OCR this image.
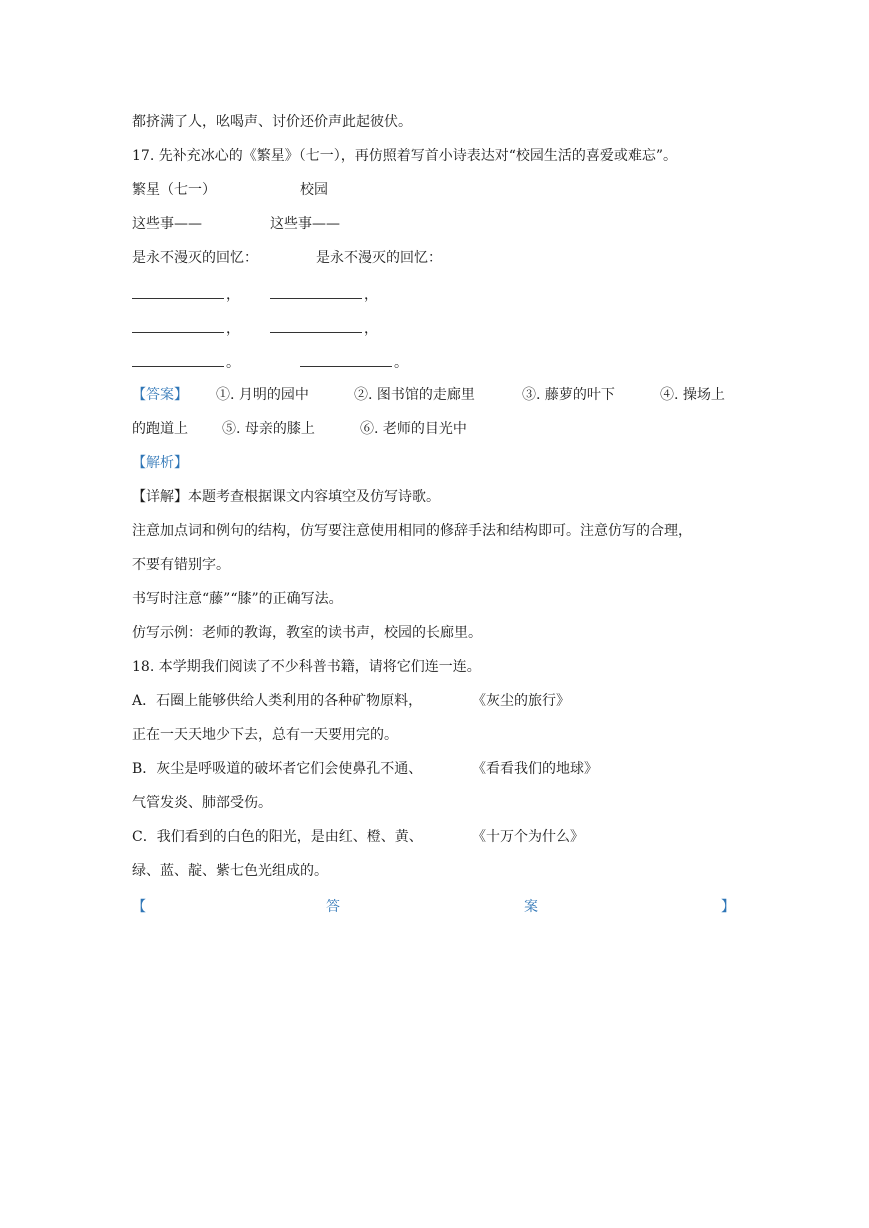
都挤满了人，吆喝声、讨价还价声此起彼伏。
17. 先补充冰心的《繁星》（七一），再仿照着写首小诗表达对“校园生活的喜爱或难忘”。
繁星（七一）	校园
这些事——	这些事——
是永不漫灭的回忆：	是永不漫灭的回忆：
，	，
，	，
。	。
【答案】 ①. 月明的园中	②. 图书馆的走廊里	③. 藤萝的叶下	④. 操场上
的跑道上 ⑤. 母亲的膝上	⑥. 老师的目光中
【解析】
【详解】本题考查根据课文内容填空及仿写诗歌。
注意加点词和例句的结构，仿写要注意使用相同的修辞手法和结构即可。注意仿写的合理，
不要有错别字。
书写时注意“藤”“膝”的正确写法。
仿写示例：老师的教诲，教室的读书声，校园的长廊里。
18. 本学期我们阅读了不少科普书籍，请将它们连一连。
A．石圈上能够供给人类利用的各种矿物原料，	《灰尘的旅行》
正在一天天地少下去，总有一天要用完的。
B．灰尘是呼吸道的破坏者它们会使鼻孔不通、	《看看我们的地球》
气管发炎、肺部受伤。
C．我们看到的白色的阳光，是由红、橙、黄、	《十万个为什么》
绿、蓝、靛、紫七色光组成的。
【	答	案	】
